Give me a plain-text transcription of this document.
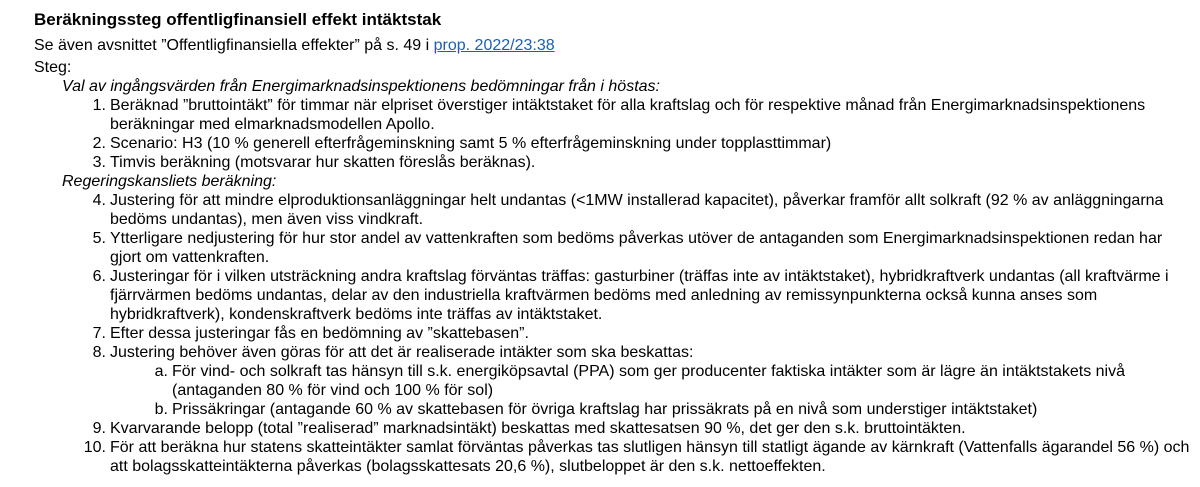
Beräkningssteg offentligfinansiell effekt intäktstak
Se även avsnittet ”Offentligfinansiella effekter” på s. 49 i prop. 2022/23:38
Steg:
Val av ingångsvärden från Energimarknadsinspektionens bedömningar från i höstas:
1. Beräknad ”bruttointäkt” för timmar när elpriset överstiger intäktstaket för alla kraftslag och för respektive månad från Energimarknadsinspektionens beräkningar med elmarknadsmodellen Apollo.
2. Scenario: H3 (10 % generell efterfrågeminskning samt 5 % efterfrågeminskning under topplasttimmar)
3. Timvis beräkning (motsvarar hur skatten föreslås beräknas).
Regeringskansliets beräkning:
4. Justering för att mindre elproduktionsanläggningar helt undantas (<1MW installerad kapacitet), påverkar framför allt solkraft (92 % av anläggningarna bedöms undantas), men även viss vindkraft.
5. Ytterligare nedjustering för hur stor andel av vattenkraften som bedöms påverkas utöver de antaganden som Energimarknadsinspektionen redan har gjort om vattenkraften.
6. Justeringar för i vilken utsträckning andra kraftslag förväntas träffas: gasturbiner (träffas inte av intäktstaket), hybridkraftverk undantas (all kraftvärme i fjärrvärmen bedöms undantas, delar av den industriella kraftvärmen bedöms med anledning av remissynpunkterna också kunna anses som hybridkraftverk), kondenskraftverk bedöms inte träffas av intäktstaket.
7. Efter dessa justeringar fås en bedömning av ”skattebasen”.
8. Justering behöver även göras för att det är realiserade intäkter som ska beskattas:
a. För vind- och solkraft tas hänsyn till s.k. energiköpsavtal (PPA) som ger producenter faktiska intäkter som är lägre än intäktstakets nivå (antaganden 80 % för vind och 100 % för sol)
b. Prissäkringar (antagande 60 % av skattebasen för övriga kraftslag har prissäkrats på en nivå som understiger intäktstaket)
9. Kvarvarande belopp (total ”realiserad” marknadsintäkt) beskattas med skattesatsen 90 %, det ger den s.k. bruttointäkten.
10. För att beräkna hur statens skatteintäkter samlat förväntas påverkas tas slutligen hänsyn till statligt ägande av kärnkraft (Vattenfalls ägarandel 56 %) och att bolagsskatteintäkterna påverkas (bolagsskattesats 20,6 %), slutbeloppet är den s.k. nettoeffekten.
